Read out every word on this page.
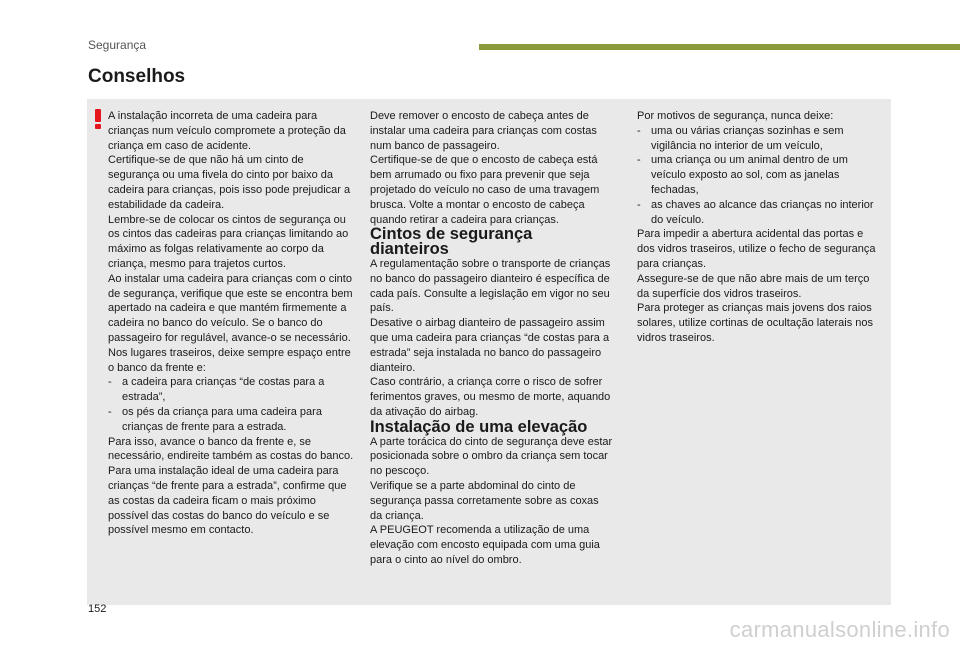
Segurança
Conselhos

A instalação incorreta de uma cadeira para crianças num veículo compromete a proteção da criança em caso de acidente.

Certifique-se de que não há um cinto de segurança ou uma fivela do cinto por baixo da cadeira para crianças, pois isso pode prejudicar a estabilidade da cadeira.

Lembre-se de colocar os cintos de segurança ou os cintos das cadeiras para crianças limitando ao máximo as folgas relativamente ao corpo da criança, mesmo para trajetos curtos.

Ao instalar uma cadeira para crianças com o cinto de segurança, verifique que este se encontra bem apertado na cadeira e que mantém firmemente a cadeira no banco do veículo. Se o banco do passageiro for regulável, avance-o se necessário.

Nos lugares traseiros, deixe sempre espaço entre o banco da frente e:

- a cadeira para crianças “de costas para a estrada”,
- os pés da criança para uma cadeira para crianças de frente para a estrada.

Para isso, avance o banco da frente e, se necessário, endireite também as costas do banco.

Para uma instalação ideal de uma cadeira para crianças “de frente para a estrada”, confirme que as costas da cadeira ficam o mais próximo possível das costas do banco do veículo e se possível mesmo em contacto.

Deve remover o encosto de cabeça antes de instalar uma cadeira para crianças com costas num banco de passageiro.

Certifique-se de que o encosto de cabeça está bem arrumado ou fixo para prevenir que seja projetado do veículo no caso de uma travagem brusca. Volte a montar o encosto de cabeça quando retirar a cadeira para crianças.

Cintos de segurança dianteiros

A regulamentação sobre o transporte de crianças no banco do passageiro dianteiro é específica de cada país. Consulte a legislação em vigor no seu país.

Desative o airbag dianteiro de passageiro assim que uma cadeira para crianças “de costas para a estrada” seja instalada no banco do passageiro dianteiro.

Caso contrário, a criança corre o risco de sofrer ferimentos graves, ou mesmo de morte, aquando da ativação do airbag.

Instalação de uma elevação

A parte torácica do cinto de segurança deve estar posicionada sobre o ombro da criança sem tocar no pescoço.

Verifique se a parte abdominal do cinto de segurança passa corretamente sobre as coxas da criança.

A PEUGEOT recomenda a utilização de uma elevação com encosto equipada com uma guia para o cinto ao nível do ombro.

Por motivos de segurança, nunca deixe:

- uma ou várias crianças sozinhas e sem vigilância no interior de um veículo,
- uma criança ou um animal dentro de um veículo exposto ao sol, com as janelas fechadas,
- as chaves ao alcance das crianças no interior do veículo.

Para impedir a abertura acidental das portas e dos vidros traseiros, utilize o fecho de segurança para crianças.

Assegure-se de que não abre mais de um terço da superfície dos vidros traseiros.

Para proteger as crianças mais jovens dos raios solares, utilize cortinas de ocultação laterais nos vidros traseiros.

152
carmanualsonline.info
